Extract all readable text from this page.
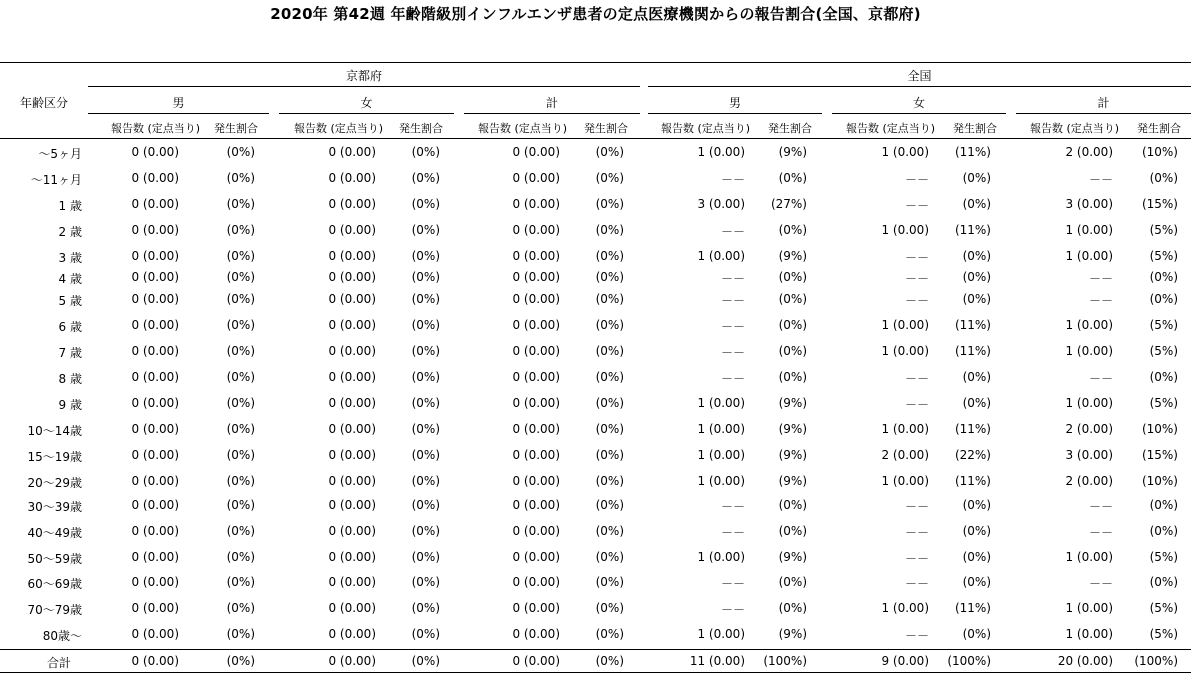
2020年 第42週 年齢階級別インフルエンザ患者の定点医療機関からの報告割合(全国、京都府)
京都府	全国
年齢区分	男	女	計	男	女	計
報告数 (定点当り) 発生割合	報告数 (定点当り) 発生割合	報告数 (定点当り) 発生割合	報告数 (定点当り) 発生割合	報告数 (定点当り) 発生割合	報告数 (定点当り) 発生割合
～5ヶ月	0 (0.00)	(0%)	0 (0.00)	(0%)	0 (0.00)	(0%)	1 (0.00)	(9%)	1 (0.00) (11%)	2 (0.00) (10%)
～11ヶ月	0 (0.00)	(0%)	0 (0.00)	(0%)	0 (0.00)	(0%)	－－	(0%)	－－	(0%)	－－	(0%)
1 歳	0 (0.00)	(0%)	0 (0.00)	(0%)	0 (0.00)	(0%)	3 (0.00) (27%)	－－	(0%)	3 (0.00) (15%)
2 歳	0 (0.00)	(0%)	0 (0.00)	(0%)	0 (0.00)	(0%)	－－	(0%)	1 (0.00) (11%)	1 (0.00)	(5%)
3 歳	0 (0.00)	(0%)	0 (0.00)	(0%)	0 (0.00)	(0%)	1 (0.00)	(9%)	－－	(0%)	1 (0.00)	(5%)
4 歳	0 (0.00)	(0%)	0 (0.00)	(0%)	0 (0.00)	(0%)	－－	(0%)	－－	(0%)	－－	(0%)
5 歳	0 (0.00)	(0%)	0 (0.00)	(0%)	0 (0.00)	(0%)	－－	(0%)	－－	(0%)	－－	(0%)
6 歳	0 (0.00)	(0%)	0 (0.00)	(0%)	0 (0.00)	(0%)	－－	(0%)	1 (0.00) (11%)	1 (0.00)	(5%)
7 歳	0 (0.00)	(0%)	0 (0.00)	(0%)	0 (0.00)	(0%)	－－	(0%)	1 (0.00) (11%)	1 (0.00)	(5%)
8 歳	0 (0.00)	(0%)	0 (0.00)	(0%)	0 (0.00)	(0%)	－－	(0%)	－－	(0%)	－－	(0%)
9 歳	0 (0.00)	(0%)	0 (0.00)	(0%)	0 (0.00)	(0%)	1 (0.00)	(9%)	－－	(0%)	1 (0.00)	(5%)
10～14歳	0 (0.00)	(0%)	0 (0.00)	(0%)	0 (0.00)	(0%)	1 (0.00)	(9%)	1 (0.00) (11%)	2 (0.00) (10%)
15～19歳	0 (0.00)	(0%)	0 (0.00)	(0%)	0 (0.00)	(0%)	1 (0.00)	(9%)	2 (0.00) (22%)	3 (0.00) (15%)
20～29歳	0 (0.00)	(0%)	0 (0.00)	(0%)	0 (0.00)	(0%)	1 (0.00)	(9%)	1 (0.00) (11%)	2 (0.00) (10%)
30～39歳	0 (0.00)	(0%)	0 (0.00)	(0%)	0 (0.00)	(0%)	－－	(0%)	－－	(0%)	－－	(0%)
40～49歳	0 (0.00)	(0%)	0 (0.00)	(0%)	0 (0.00)	(0%)	－－	(0%)	－－	(0%)	－－	(0%)
50～59歳	0 (0.00)	(0%)	0 (0.00)	(0%)	0 (0.00)	(0%)	1 (0.00)	(9%)	－－	(0%)	1 (0.00)	(5%)
60～69歳	0 (0.00)	(0%)	0 (0.00)	(0%)	0 (0.00)	(0%)	－－	(0%)	－－	(0%)	－－	(0%)
70～79歳	0 (0.00)	(0%)	0 (0.00)	(0%)	0 (0.00)	(0%)	－－	(0%)	1 (0.00) (11%)	1 (0.00)	(5%)
80歳～	0 (0.00)	(0%)	0 (0.00)	(0%)	0 (0.00)	(0%)	1 (0.00)	(9%)	－－	(0%)	1 (0.00)	(5%)
合計	0 (0.00)	(0%)	0 (0.00)	(0%)	0 (0.00)	(0%)	11 (0.00) (100%)	9 (0.00) (100%)	20 (0.00) (100%)
